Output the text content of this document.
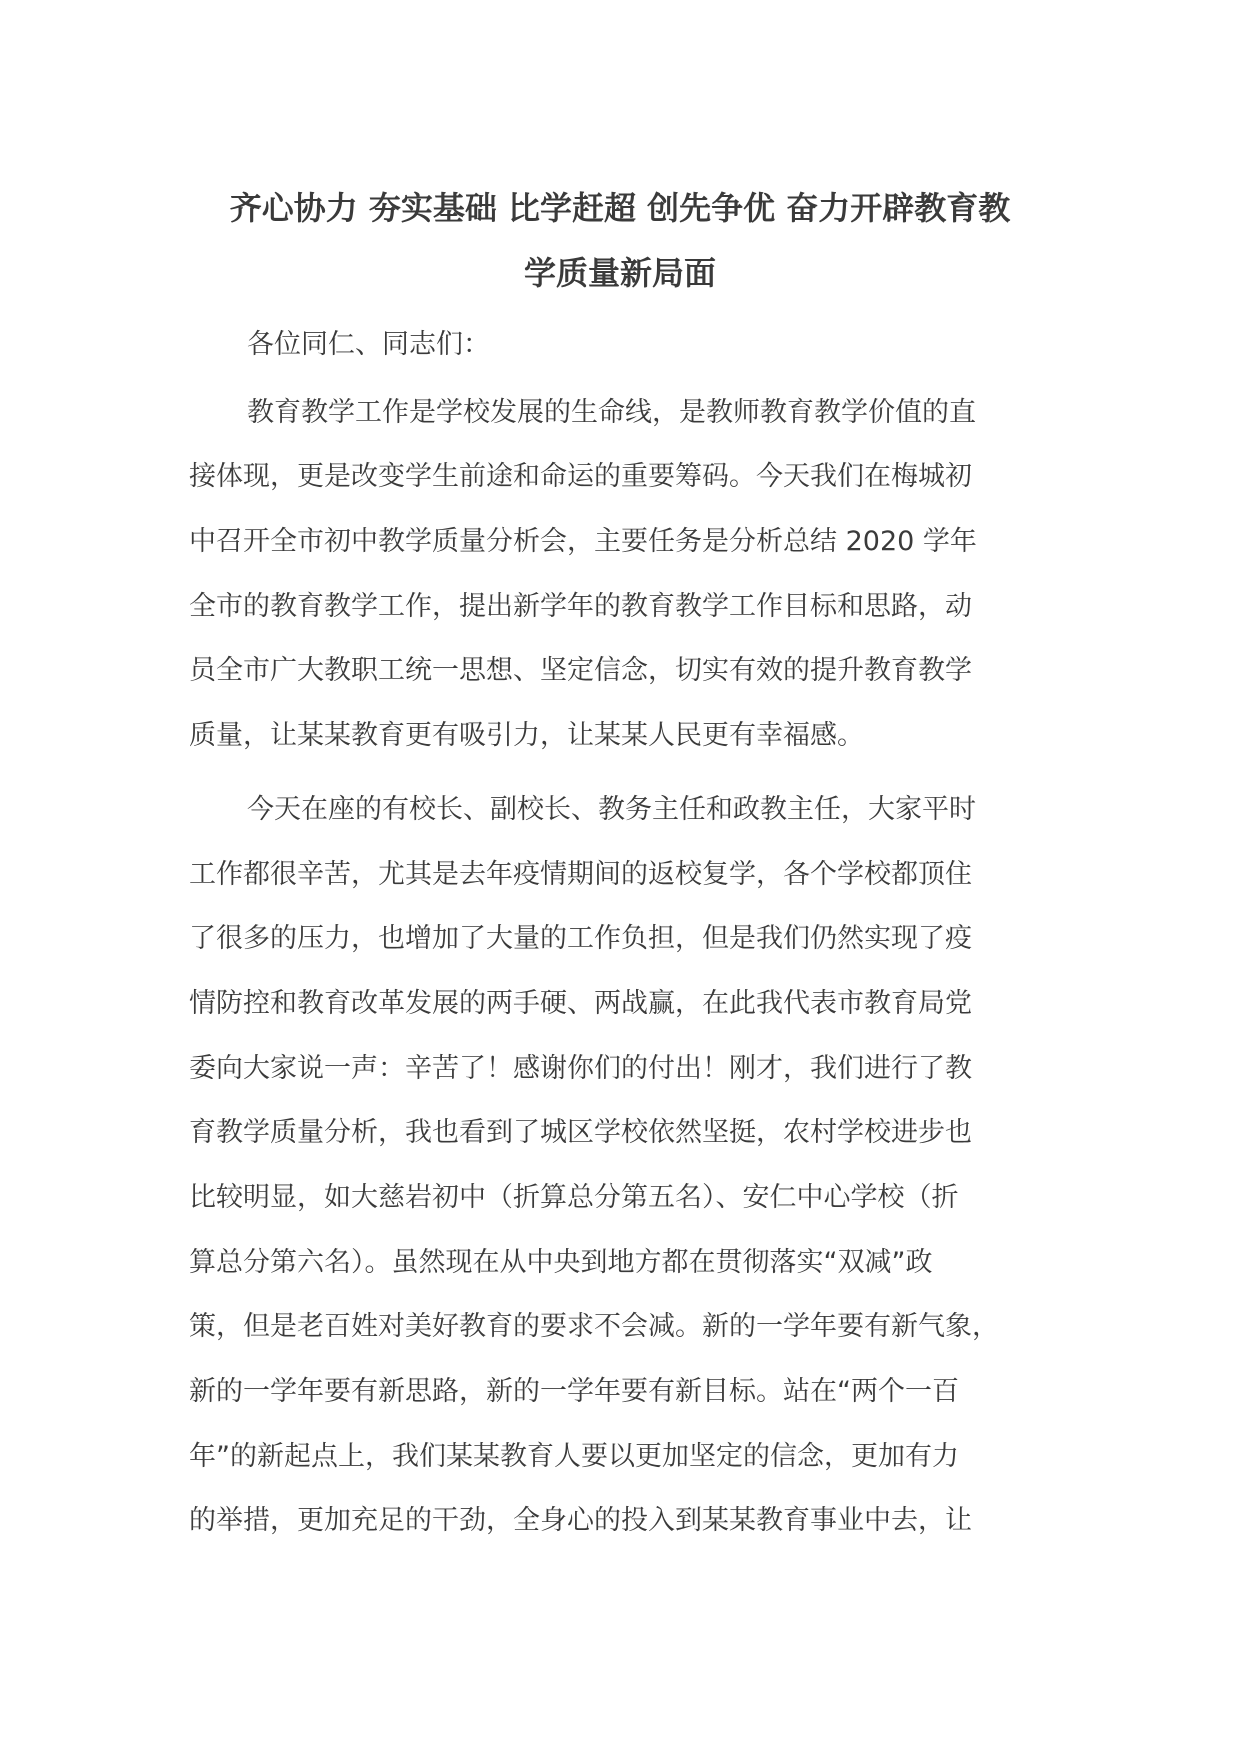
齐心协力 夯实基础 比学赶超 创先争优 奋力开辟教育教
学质量新局面
各位同仁、同志们：
教育教学工作是学校发展的生命线，是教师教育教学价值的直
接体现，更是改变学生前途和命运的重要筹码。今天我们在梅城初
中召开全市初中教学质量分析会，主要任务是分析总结 2020 学年
全市的教育教学工作，提出新学年的教育教学工作目标和思路，动
员全市广大教职工统一思想、坚定信念，切实有效的提升教育教学
质量，让某某教育更有吸引力，让某某人民更有幸福感。
今天在座的有校长、副校长、教务主任和政教主任，大家平时
工作都很辛苦，尤其是去年疫情期间的返校复学，各个学校都顶住
了很多的压力，也增加了大量的工作负担，但是我们仍然实现了疫
情防控和教育改革发展的两手硬、两战赢，在此我代表市教育局党
委向大家说一声：辛苦了！感谢你们的付出！刚才，我们进行了教
育教学质量分析，我也看到了城区学校依然坚挺，农村学校进步也
比较明显，如大慈岩初中（折算总分第五名）、安仁中心学校（折
算总分第六名）。虽然现在从中央到地方都在贯彻落实“双减”政
策，但是老百姓对美好教育的要求不会减。新的一学年要有新气象，
新的一学年要有新思路，新的一学年要有新目标。站在“两个一百
年”的新起点上，我们某某教育人要以更加坚定的信念，更加有力
的举措，更加充足的干劲，全身心的投入到某某教育事业中去，让
